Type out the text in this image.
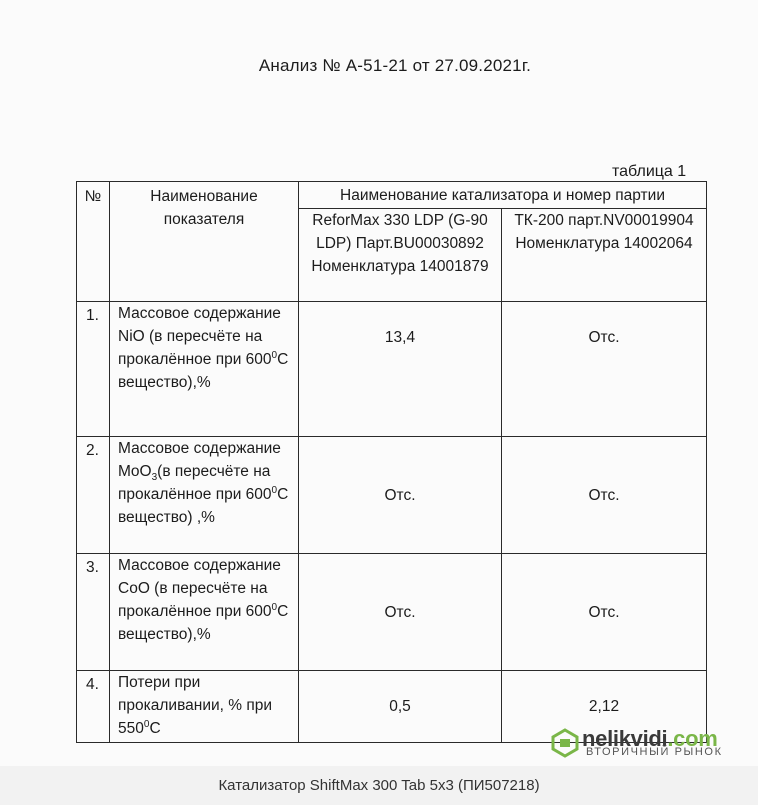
Анализ № А-51-21 от 27.09.2021г.
таблица 1
№	Наименование показателя	Наименование катализатора и номер партии	
		ReforMax 330 LDP (G-90 LDP) Парт.BU00030892 Номенклатура 14001879	ТК-200 парт.NV00019904 Номенклатура 14002064
1.	Массовое содержание NiO (в пересчёте на прокалённое при $600^0С$ вещество),%	13,4	Отс.
2.	Массовое содержание MoO$_3$(в пересчёте на прокалённое при $600^0С$ вещество) ,%	Отс.	Отс.
3.	Массовое содержание CoO (в пересчёте на прокалённое при $600^0С$ вещество),%	Отс.	Отс.
4.	Потери при прокаливании, % при $550^0С$	0,5	2,12
nelikvidi.com
ВТОРИЧНЫЙ РЫНОК
Катализатор ShiftMax 300 Tab 5x3 (ПИ507218)
